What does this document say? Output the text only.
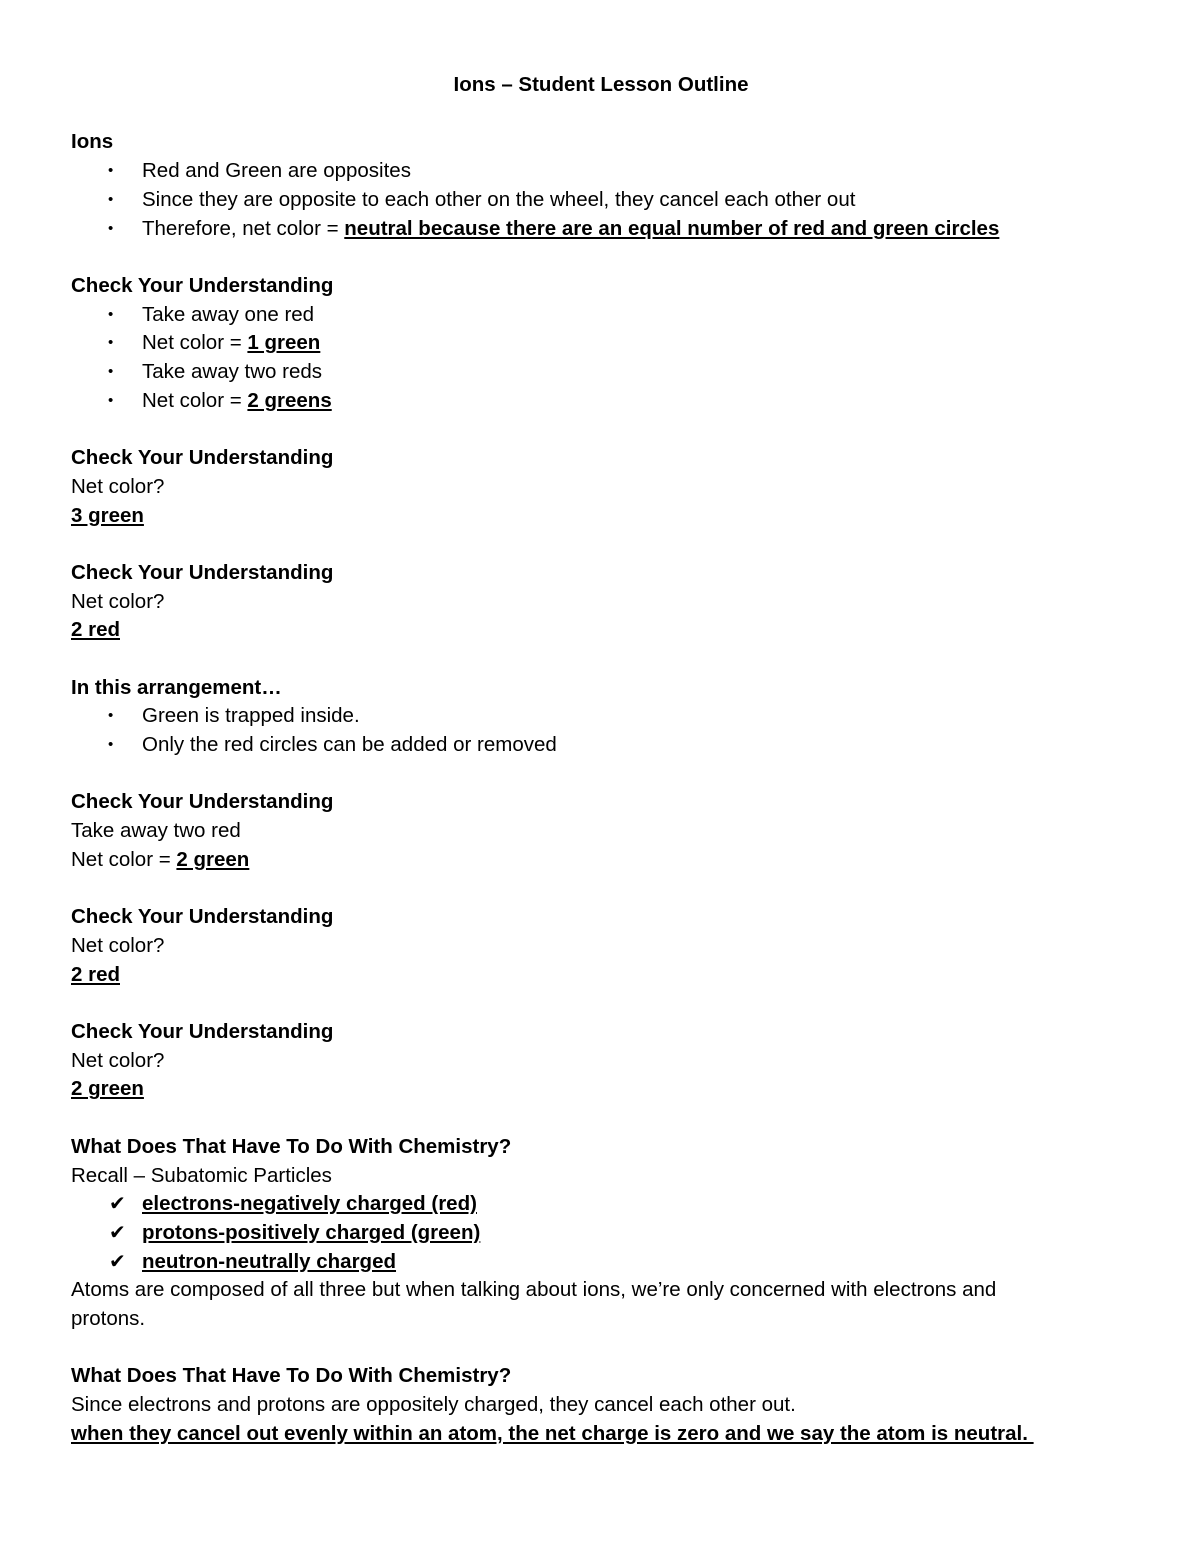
Ions – Student Lesson Outline
Ions
• Red and Green are opposites
• Since they are opposite to each other on the wheel, they cancel each other out
• Therefore, net color = neutral because there are an equal number of red and green circles
Check Your Understanding
• Take away one red
• Net color = 1 green
• Take away two reds
• Net color = 2 greens
Check Your Understanding
Net color?
3 green
Check Your Understanding
Net color?
2 red
In this arrangement…
• Green is trapped inside.
• Only the red circles can be added or removed
Check Your Understanding
Take away two red
Net color = 2 green
Check Your Understanding
Net color?
2 red
Check Your Understanding
Net color?
2 green
What Does That Have To Do With Chemistry?
Recall – Subatomic Particles
✔ electrons-negatively charged (red)
✔ protons-positively charged (green)
✔ neutron-neutrally charged
Atoms are composed of all three but when talking about ions, we’re only concerned with electrons and protons.
What Does That Have To Do With Chemistry?
Since electrons and protons are oppositely charged, they cancel each other out.
when they cancel out evenly within an atom, the net charge is zero and we say the atom is neutral.
